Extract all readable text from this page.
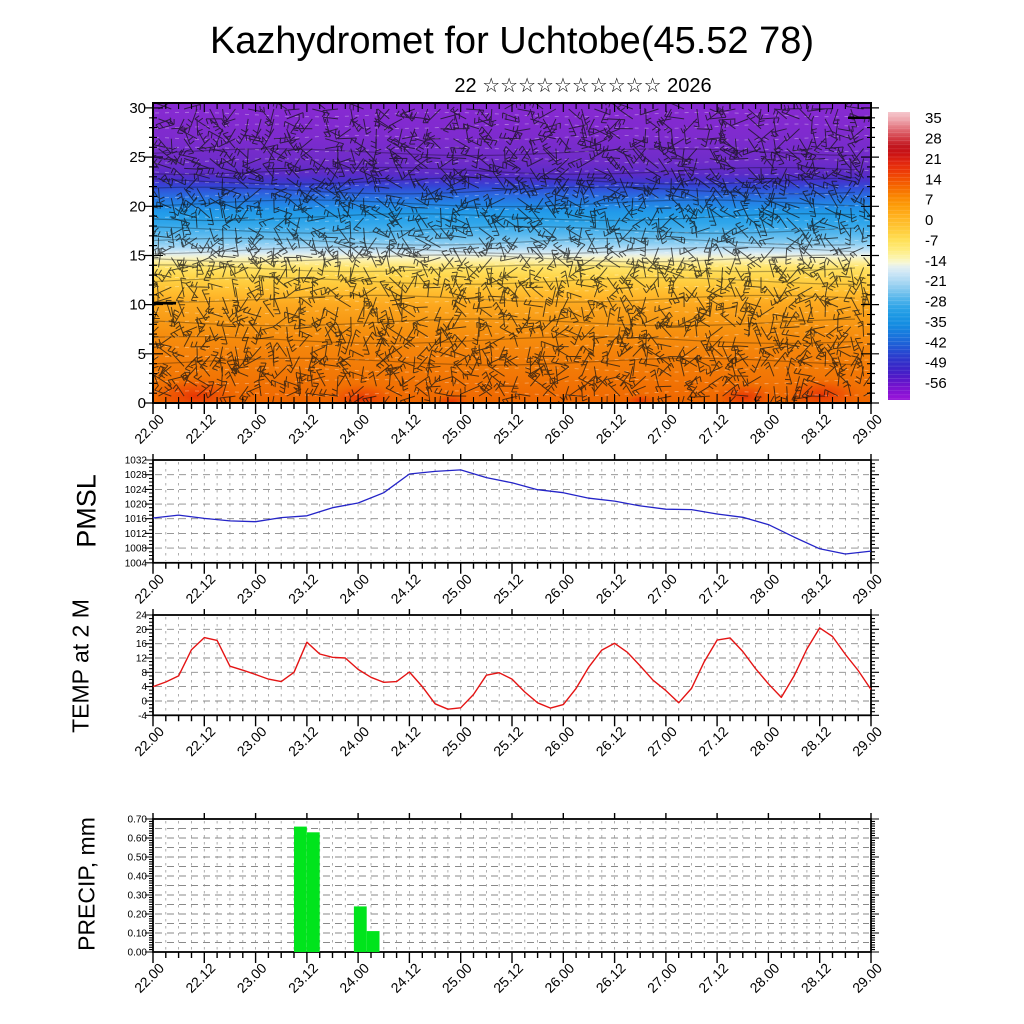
0
5
10
15
20
25
30
22.00 22.12 23.00 23.12 24.00 24.12 25.00 25.12 26.00 26.12 27.00 27.12 28.00 28.12 29.00
35
28
21
14
7
0
-7
-14
-21
-28
-35
-42
-49
-56
1032
1028
1024
1020
1016
1012
1008
1004
22.00 22.12 23.00 23.12 24.00 24.12 25.00 25.12 26.00 26.12 27.00 27.12 28.00 28.12 29.00
24
20
16
12
8
4
0
-4
22.00 22.12 23.00 23.12 24.00 24.12 25.00 25.12 26.00 26.12 27.00 27.12 28.00 28.12 29.00
0.70
0.60
0.50
0.40
0.30
0.20
0.10
0.00
22.00 22.12 23.00 23.12 24.00 24.12 25.00 25.12 26.00 26.12 27.00 27.12 28.00 28.12 29.00
Kazhydromet for Uchtobe(45.52 78)
22 ☆☆☆☆☆☆☆☆☆☆ 2026
PMSL
TEMP at 2 M
PRECIP, mm
